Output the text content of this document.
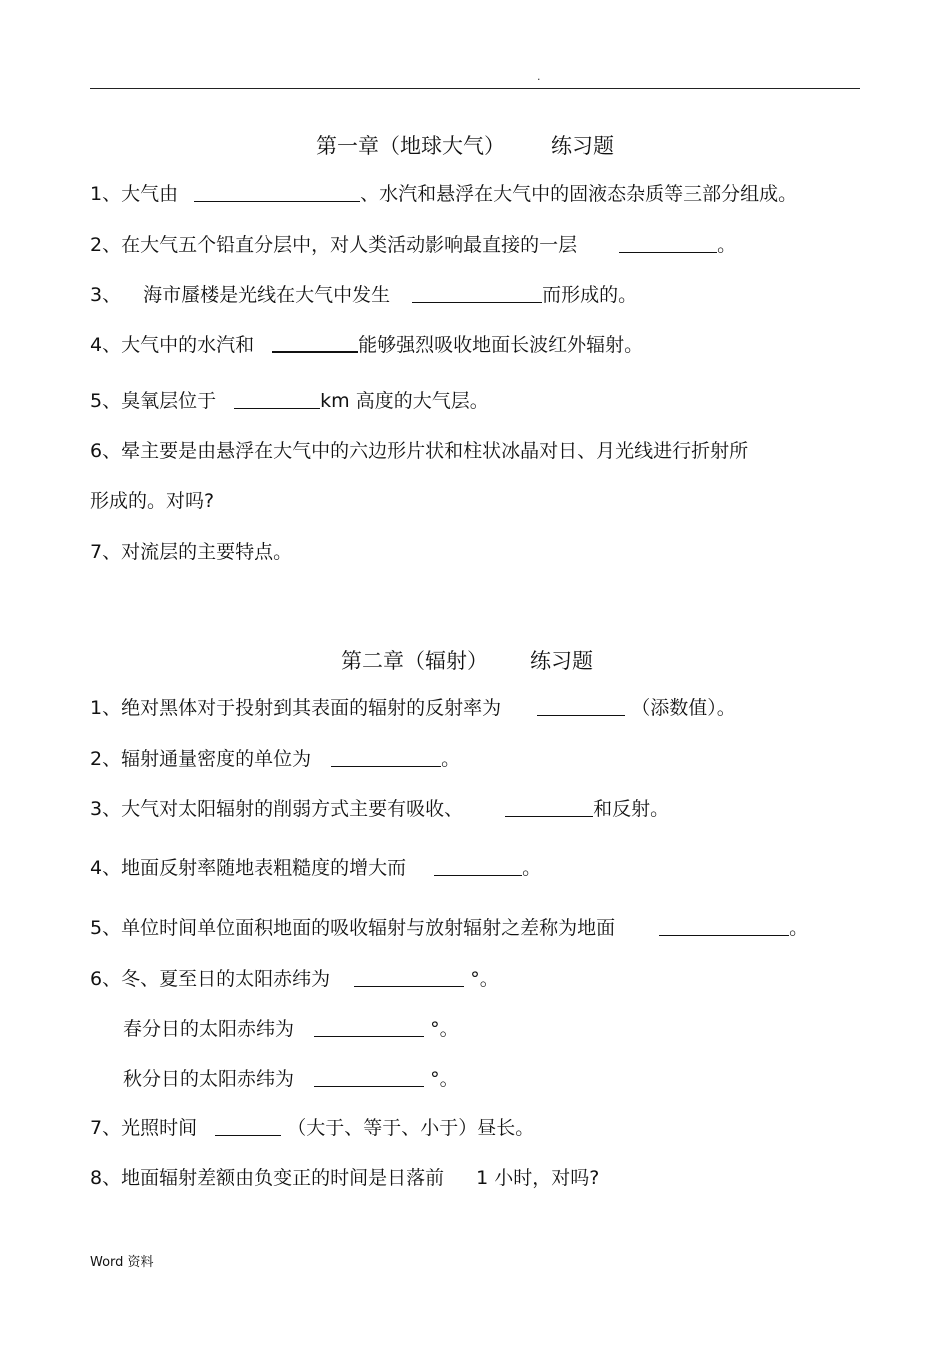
.
第一章（地球大气） 练习题
1、大气由	、水汽和悬浮在大气中的固液态杂质等三部分组成。
2、在大气五个铅直分层中，对人类活动影响最直接的一层	。
3、 海市蜃楼是光线在大气中发生	而形成的。
4、大气中的水汽和	能够强烈吸收地面长波红外辐射。
5、臭氧层位于	km 高度的大气层。
6、晕主要是由悬浮在大气中的六边形片状和柱状冰晶对日、月光线进行折射所
形成的。对吗?
7、对流层的主要特点。
第二章（辐射） 练习题
1、绝对黑体对于投射到其表面的辐射的反射率为	（添数值）。
2、辐射通量密度的单位为	。
3、大气对太阳辐射的削弱方式主要有吸收、	和反射。
4、地面反射率随地表粗糙度的增大而	。
5、单位时间单位面积地面的吸收辐射与放射辐射之差称为地面	。
6、冬、夏至日的太阳赤纬为	°。
春分日的太阳赤纬为	°。
秋分日的太阳赤纬为	°。
7、光照时间	（大于、等于、小于）昼长。
8、地面辐射差额由负变正的时间是日落前 1 小时，对吗?
Word 资料
